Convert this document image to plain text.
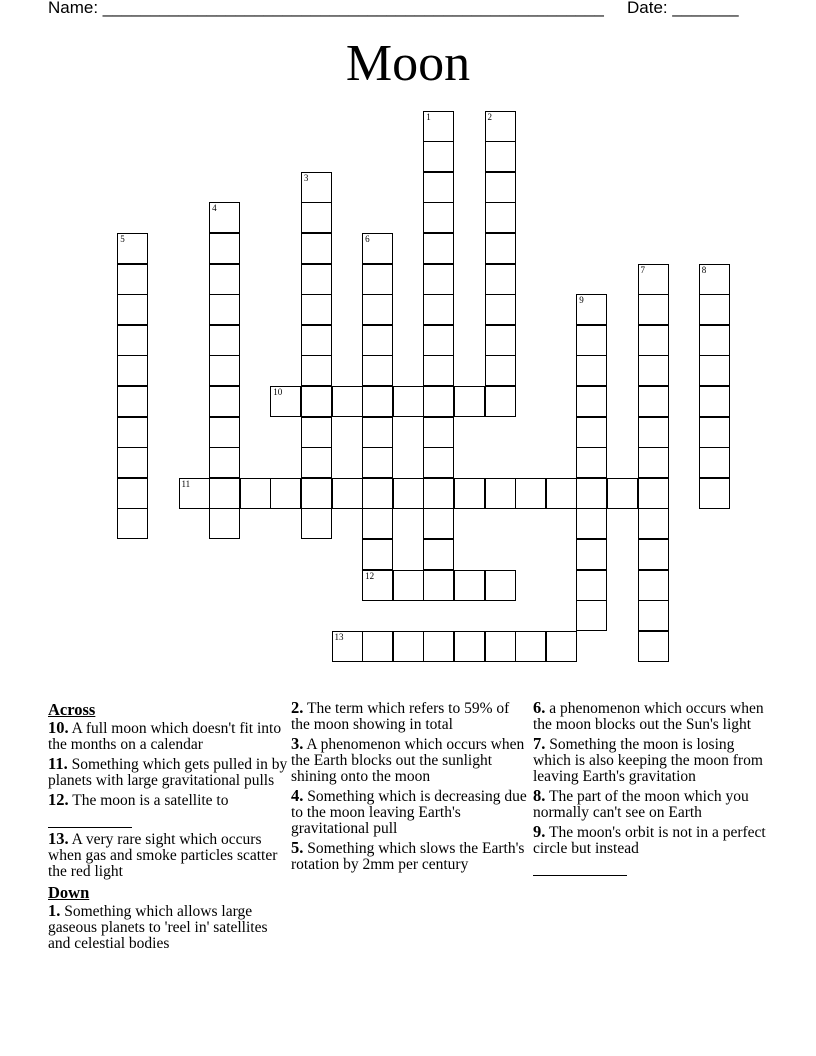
Name: _____________________________________________________ Date: _______
Moon
1	2
3
4
5	6
12
7	8
9
10
11
13
Across
10. A full moon which doesn't fit into the months on a calendar
11. Something which gets pulled in by planets with large gravitational pulls
12. The moon is a satellite to

13. A very rare sight which occurs when gas and smoke particles scatter the red light
Down
1. Something which allows large gaseous planets to 'reel in' satellites and celestial bodies
2. The term which refers to 59% of the moon showing in total
3. A phenomenon which occurs when the Earth blocks out the sunlight shining onto the moon
4. Something which is decreasing due to the moon leaving Earth's gravitational pull
5. Something which slows the Earth's rotation by 2mm per century
6. a phenomenon which occurs when the moon blocks out the Sun's light
7. Something the moon is losing which is also keeping the moon from leaving Earth's gravitation
8. The part of the moon which you normally can't see on Earth
9. The moon's orbit is not in a perfect circle but instead
